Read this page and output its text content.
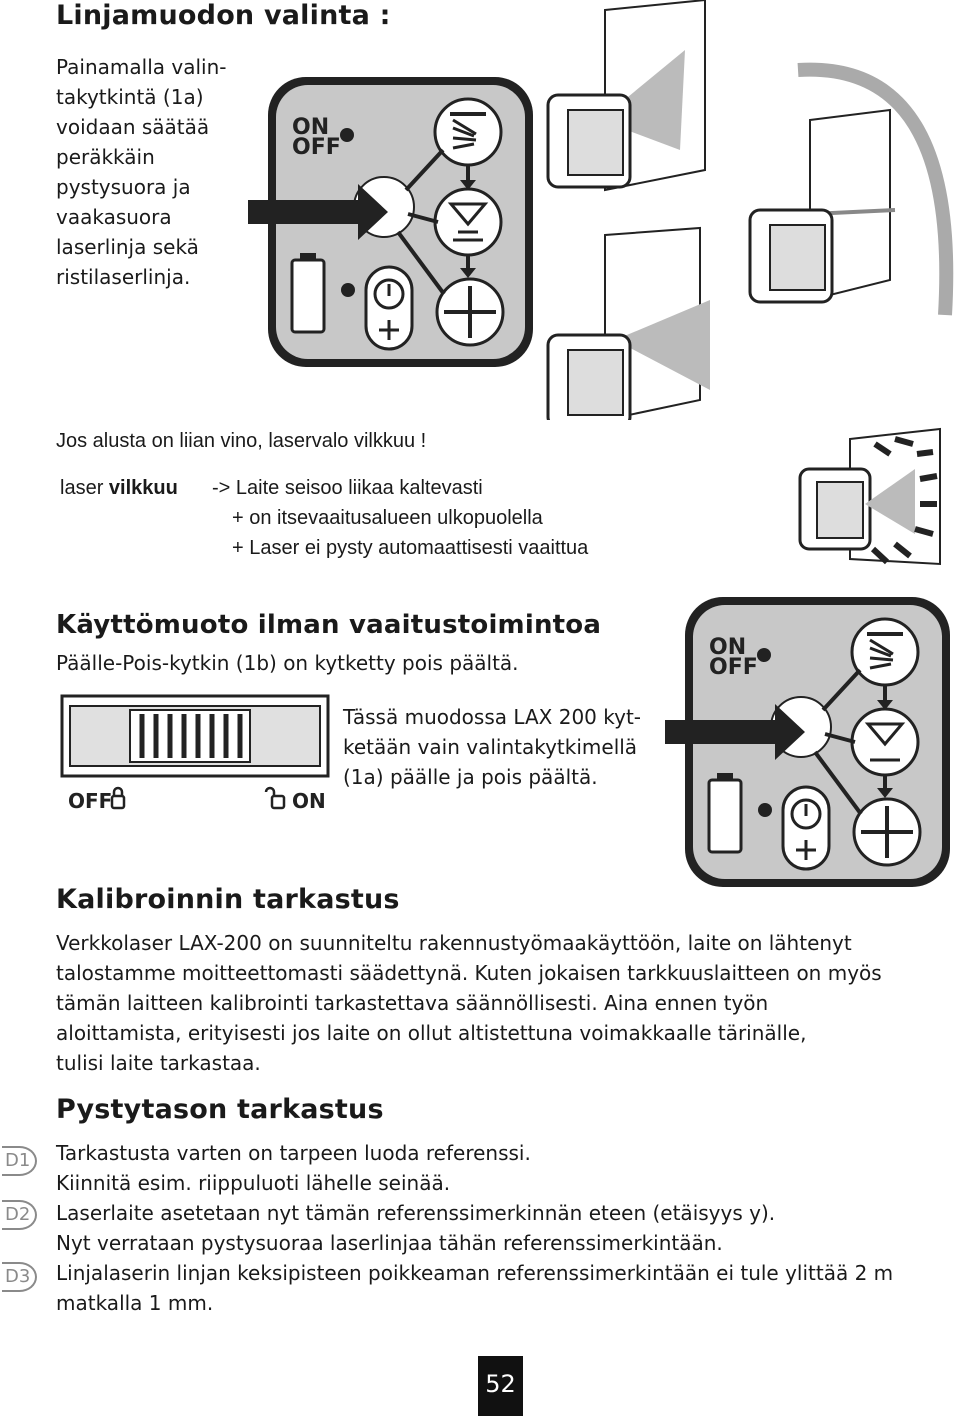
Linjamuodon valinta :
Painamalla valin-
takytkintä (1a)
voidaan säätää
peräkkäin
pystysuora ja
vaakasuora
laserlinja sekä
ristilaserlinja.
ON
OFF
Jos alusta on liian vino, laservalo vilkkuu !
laser vilkkuu -> Laite seisoo liikaa kaltevasti
+ on itsevaaitusalueen ulkopuolella
+ Laser ei pysty automaattisesti vaaittua
Käyttömuoto ilman vaaitustoimintoa
Päälle-Pois-kytkin (1b) on kytketty pois päältä.
OFF	ON
Tässä muodossa LAX 200 kyt-
ketään vain valintakytkimellä
(1a) päälle ja pois päältä.
ON
OFF
Kalibroinnin tarkastus
Verkkolaser LAX-200 on suunniteltu rakennustyömaakäyttöön, laite on lähtenyt
talostamme moitteettomasti säädettynä. Kuten jokaisen tarkkuuslaitteen on myös
tämän laitteen kalibrointi tarkastettava säännöllisesti. Aina ennen työn
aloittamista, erityisesti jos laite on ollut altistettuna voimakkaalle tärinälle,
tulisi laite tarkastaa.
Pystytason tarkastus
D1
D2
D3
Tarkastusta varten on tarpeen luoda referenssi.
Kiinnitä esim. riippuluoti lähelle seinää.
Laserlaite asetetaan nyt tämän referenssimerkinnän eteen (etäisyys y).
Nyt verrataan pystysuoraa laserlinjaa tähän referenssimerkintään.
Linjalaserin linjan keksipisteen poikkeaman referenssimerkintään ei tule ylittää 2 m
matkalla 1 mm.
52
